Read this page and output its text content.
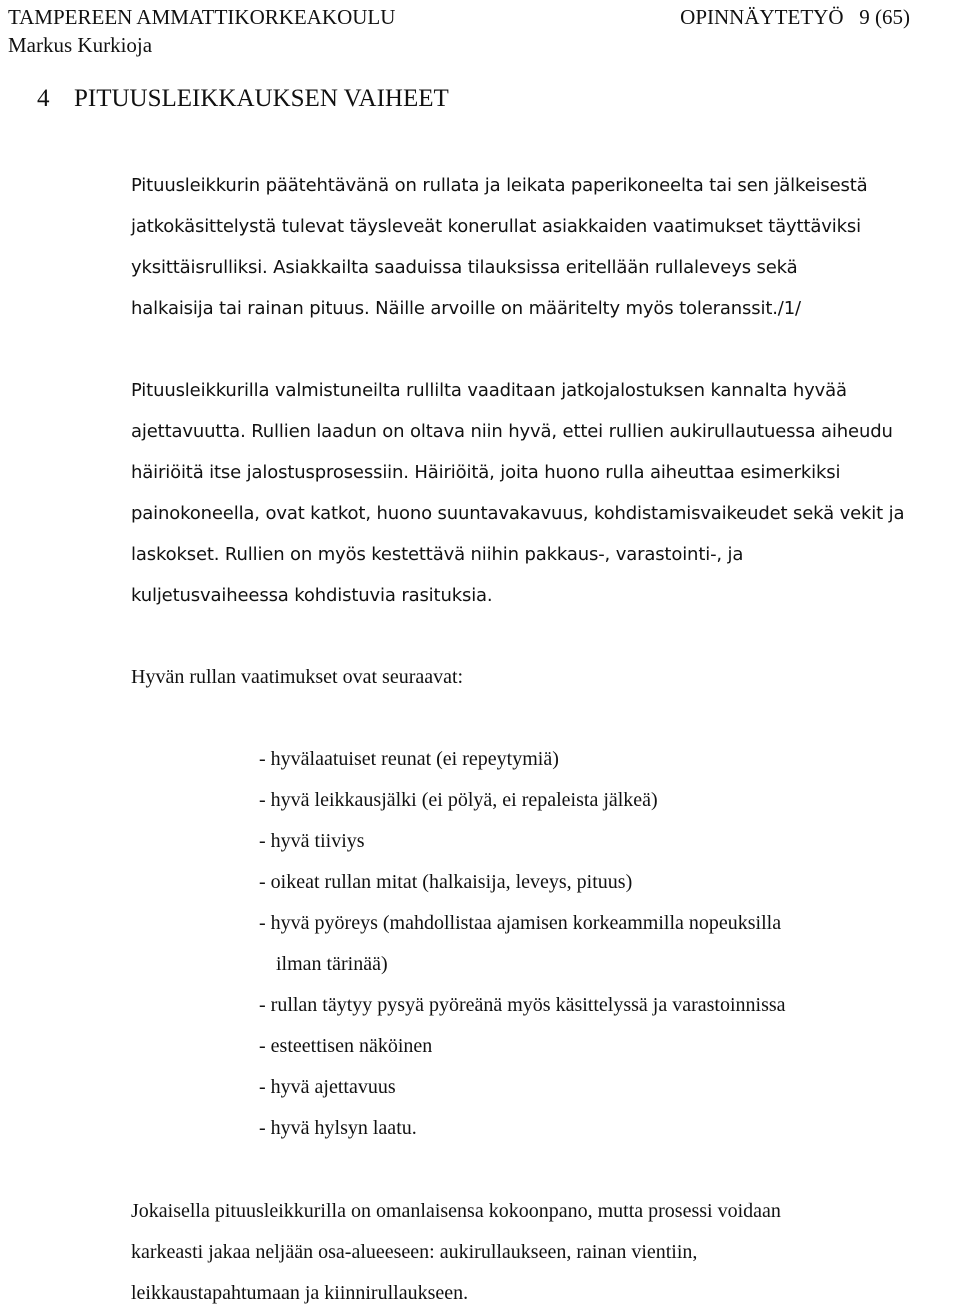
TAMPEREEN AMMATTIKORKEAKOULU	OPINNÄYTETYÖ 9 (65)
Markus Kurkioja
4 PITUUSLEIKKAUKSEN VAIHEET

Pituusleikkurin päätehtävänä on rullata ja leikata paperikoneelta tai sen jälkeisestä
jatkokäsittelystä tulevat täysleveät konerullat asiakkaiden vaatimukset täyttäviksi
yksittäisrulliksi. Asiakkailta saaduissa tilauksissa eritellään rullaleveys sekä
halkaisija tai rainan pituus. Näille arvoille on määritelty myös toleranssit./1/

Pituusleikkurilla valmistuneilta rullilta vaaditaan jatkojalostuksen kannalta hyvää
ajettavuutta. Rullien laadun on oltava niin hyvä, ettei rullien aukirullautuessa aiheudu
häiriöitä itse jalostusprosessiin. Häiriöitä, joita huono rulla aiheuttaa esimerkiksi
painokoneella, ovat katkot, huono suuntavakavuus, kohdistamisvaikeudet sekä vekit ja
laskokset. Rullien on myös kestettävä niihin pakkaus-, varastointi-, ja
kuljetusvaiheessa kohdistuvia rasituksia.

Hyvän rullan vaatimukset ovat seuraavat:

- hyvälaatuiset reunat (ei repeytymiä)
- hyvä leikkausjälki (ei pölyä, ei repaleista jälkeä)
- hyvä tiiviys
- oikeat rullan mitat (halkaisija, leveys, pituus)
- hyvä pyöreys (mahdollistaa ajamisen korkeammilla nopeuksilla
ilman tärinää)
- rullan täytyy pysyä pyöreänä myös käsittelyssä ja varastoinnissa
- esteettisen näköinen
- hyvä ajettavuus
- hyvä hylsyn laatu.

Jokaisella pituusleikkurilla on omanlaisensa kokoonpano, mutta prosessi voidaan
karkeasti jakaa neljään osa-alueeseen: aukirullaukseen, rainan vientiin,
leikkaustapahtumaan ja kiinnirullaukseen.
